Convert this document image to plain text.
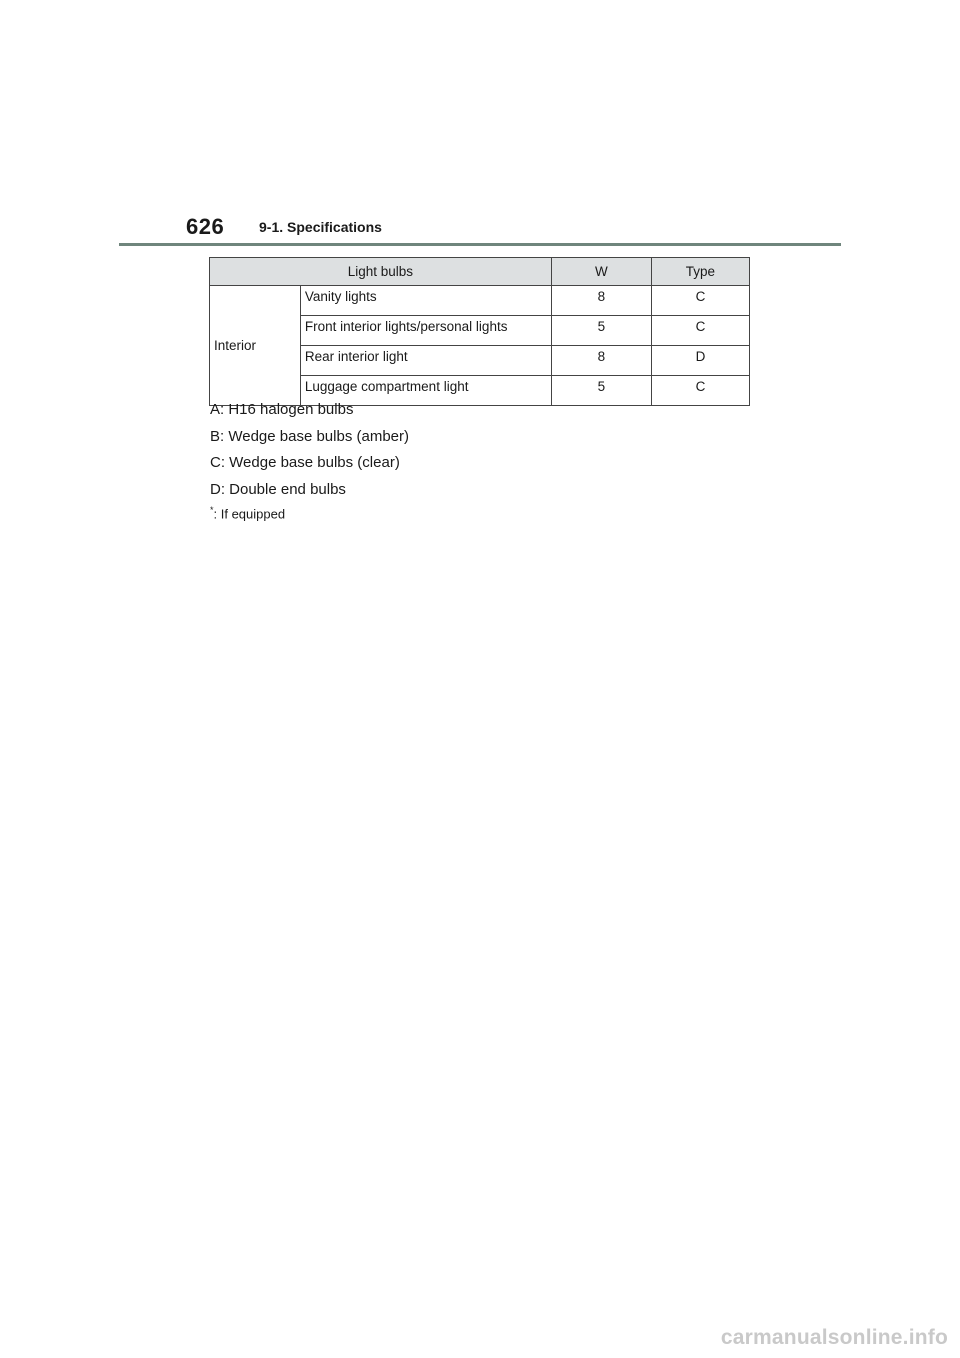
626 9-1. Specifications
Light bulbs		W	Type
Interior	Vanity lights	8	C
	Front interior lights/personal lights	5	C
	Rear interior light	8	D
	Luggage compartment light	5	C

A: H16 halogen bulbs

B: Wedge base bulbs (amber)

C: Wedge base bulbs (clear)

D: Double end bulbs

*: If equipped
carmanualsonline.info
